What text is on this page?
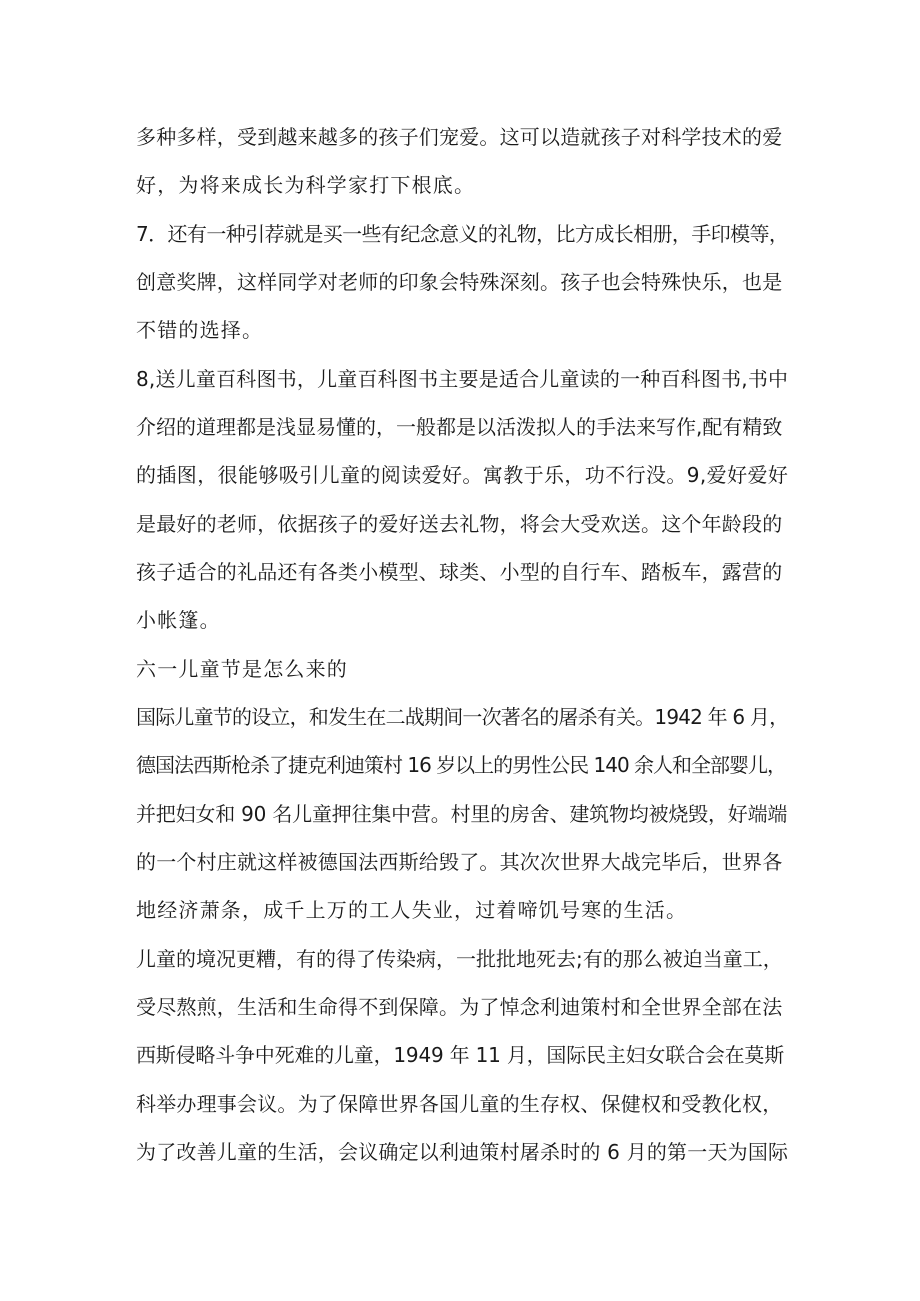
多种多样，受到越来越多的孩子们宠爱。这可以造就孩子对科学技术的爱
好，为将来成长为科学家打下根底。
7．还有一种引荐就是买一些有纪念意义的礼物，比方成长相册，手印模等，
创意奖牌，这样同学对老师的印象会特殊深刻。孩子也会特殊快乐，也是
不错的选择。
8,送儿童百科图书，儿童百科图书主要是适合儿童读的一种百科图书,书中
介绍的道理都是浅显易懂的，一般都是以活泼拟人的手法来写作,配有精致
的插图，很能够吸引儿童的阅读爱好。寓教于乐，功不行没。9,爱好爱好
是最好的老师，依据孩子的爱好送去礼物，将会大受欢送。这个年龄段的
孩子适合的礼品还有各类小模型、球类、小型的自行车、踏板车，露营的
小帐篷。
六一儿童节是怎么来的
国际儿童节的设立，和发生在二战期间一次著名的屠杀有关。1942 年 6 月，
德国法西斯枪杀了捷克利迪策村 16 岁以上的男性公民 140 余人和全部婴儿，
并把妇女和 90 名儿童押往集中营。村里的房舍、建筑物均被烧毁，好端端
的一个村庄就这样被德国法西斯给毁了。其次次世界大战完毕后，世界各
地经济萧条，成千上万的工人失业，过着啼饥号寒的生活。
儿童的境况更糟，有的得了传染病，一批批地死去;有的那么被迫当童工，
受尽熬煎，生活和生命得不到保障。为了悼念利迪策村和全世界全部在法
西斯侵略斗争中死难的儿童，1949 年 11 月，国际民主妇女联合会在莫斯
科举办理事会议。为了保障世界各国儿童的生存权、保健权和受教化权，
为了改善儿童的生活，会议确定以利迪策村屠杀时的 6 月的第一天为国际
